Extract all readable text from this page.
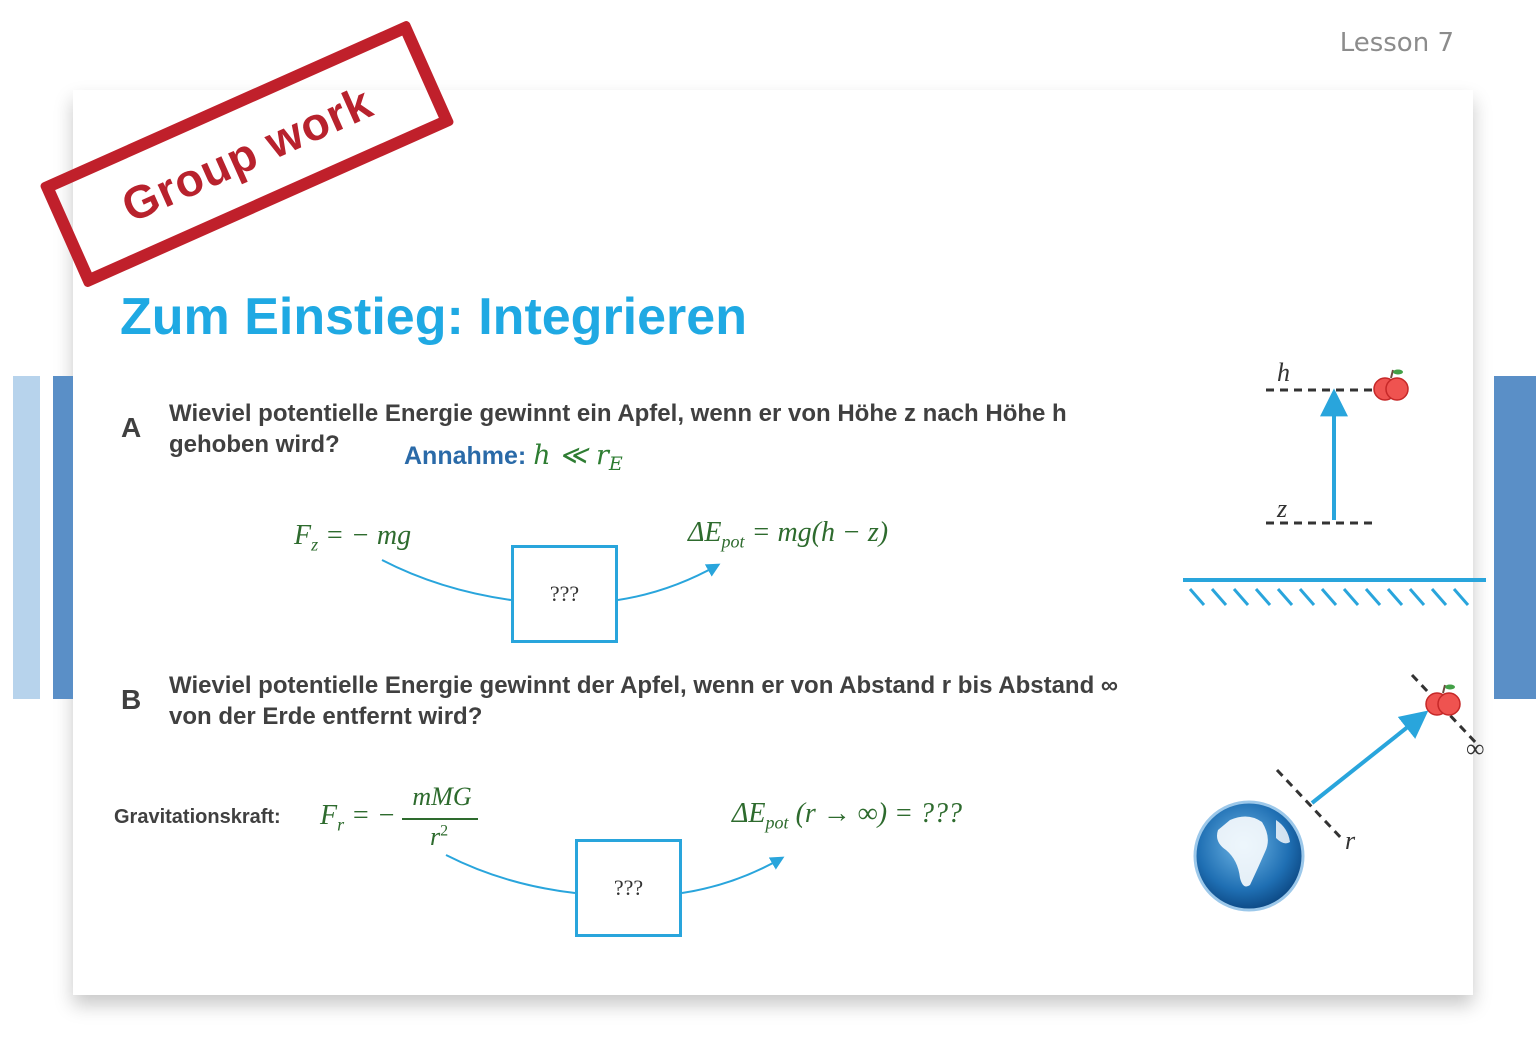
Lesson 7
Group work
Zum Einstieg: Integrieren
A Wieviel potentielle Energie gewinnt ein Apfel, wenn er von Höhe z nach Höhe h
gehoben wird?	Annahme: h ≪ $r_E$
$F_z$ = − mg	$\Delta E_{pot} = mg(h - z)$
???
B Wieviel potentielle Energie gewinnt der Apfel, wenn er von Abstand r bis Abstand ∞
von der Erde entfernt wird?
Gravitationskraft: $F_r$ = −
mMG
$r^2$
$\Delta E_{pot}$ (r → ∞) = ???
???
h
z
∞
r
